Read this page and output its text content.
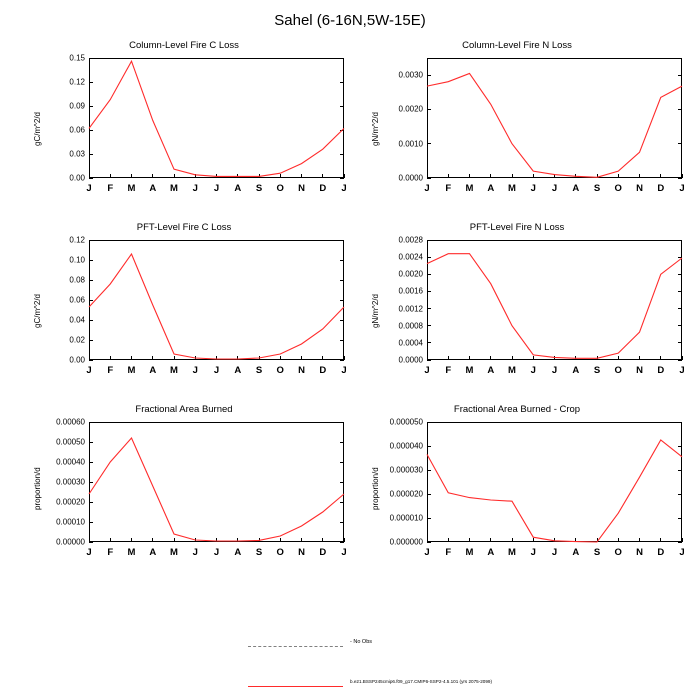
Sahel (6-16N,5W-15E)
Column-Level Fire C Loss
0.00
0.03
0.06
0.09
0.12
0.15
gC/m^2/d
J F M A M J J A S O N D J
Column-Level Fire N Loss
0.0000
0.0010
0.0020
0.0030
gN/m^2/d
J F M A M J J A S O N D J
PFT-Level Fire C Loss
0.00
0.02
0.04
0.06
0.08
0.10
0.12
gC/m^2/d
J F M A M J J A S O N D J
PFT-Level Fire N Loss
0.0000
0.0004
0.0008
0.0012
0.0016
0.0020
0.0024
0.0028
gN/m^2/d
J F M A M J J A S O N D J
Fractional Area Burned
0.00000
0.00010
0.00020
0.00030
0.00040
0.00050
0.00060
proportion/d
J F M A M J J A S O N D J
Fractional Area Burned - Crop
0.000000
0.000010
0.000020
0.000030
0.000040
0.000050
proportion/d
J F M A M J J A S O N D J
- No Obs
b.e21.BSSP245cmip6.f09_g17.CMIP6-SSP2-4.5.101 (yrs 2075-2099)
